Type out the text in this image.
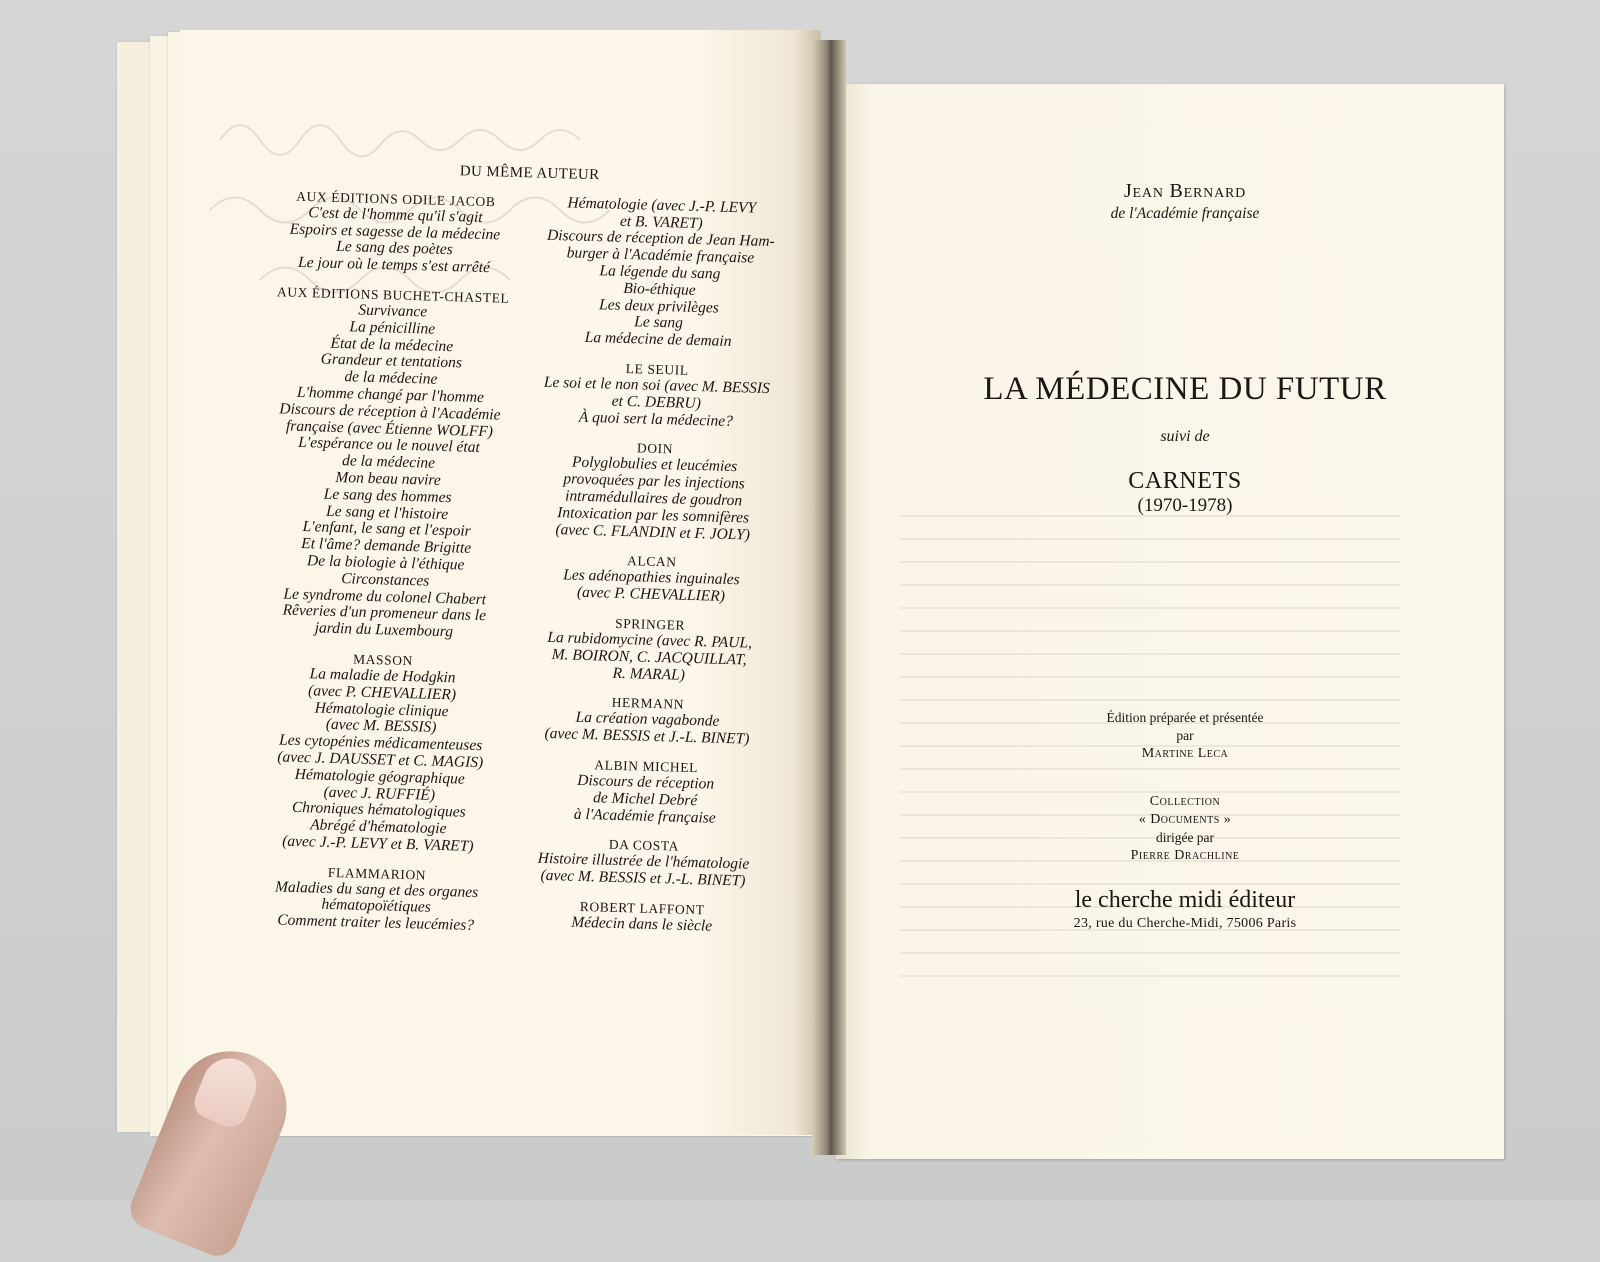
DU MÊME AUTEUR

AUX ÉDITIONS ODILE JACOB

C'est de l'homme qu'il s'agit

Espoirs et sagesse de la médecine

Le sang des poètes

Le jour où le temps s'est arrêté

AUX ÉDITIONS BUCHET-CHASTEL

Survivance

La pénicilline

État de la médecine

Grandeur et tentations

de la médecine

L'homme changé par l'homme

Discours de réception à l'Académie

française (avec Étienne WOLFF)

L'espérance ou le nouvel état

de la médecine

Mon beau navire

Le sang des hommes

Le sang et l'histoire

L'enfant, le sang et l'espoir

Et l'âme? demande Brigitte

De la biologie à l'éthique

Circonstances

Le syndrome du colonel Chabert

Rêveries d'un promeneur dans le

jardin du Luxembourg

MASSON

La maladie de Hodgkin

(avec P. CHEVALLIER)

Hématologie clinique

(avec M. BESSIS)

Les cytopénies médicamenteuses

(avec J. DAUSSET et C. MAGIS)

Hématologie géographique

(avec J. RUFFIÉ)

Chroniques hématologiques

Abrégé d'hématologie

(avec J.-P. LEVY et B. VARET)

FLAMMARION

Maladies du sang et des organes

hématopoïétiques

Comment traiter les leucémies?

Hématologie (avec J.-P. LEVY

et B. VARET)

Discours de réception de Jean Ham-

burger à l'Académie française

La légende du sang

Bio-éthique

Les deux privilèges

Le sang

La médecine de demain

LE SEUIL

Le soi et le non soi (avec M. BESSIS

et C. DEBRU)

À quoi sert la médecine?

DOIN

Polyglobulies et leucémies

provoquées par les injections

intramédullaires de goudron

Intoxication par les somnifères

(avec C. FLANDIN et F. JOLY)

ALCAN

Les adénopathies inguinales

(avec P. CHEVALLIER)

SPRINGER

La rubidomycine (avec R. PAUL,

M. BOIRON, C. JACQUILLAT,

R. MARAL)

HERMANN

La création vagabonde

(avec M. BESSIS et J.-L. BINET)

ALBIN MICHEL

Discours de réception

de Michel Debré

à l'Académie française

DA COSTA

Histoire illustrée de l'hématologie

(avec M. BESSIS et J.-L. BINET)

ROBERT LAFFONT

Médecin dans le siècle

Jean Bernard

de l'Académie française

LA MÉDECINE DU FUTUR

suivi de

CARNETS

(1970-1978)

Édition préparée et présentée

par

Martine Leca

Collection

« Documents »

dirigée par

Pierre Drachline

le cherche midi éditeur

23, rue du Cherche-Midi, 75006 Paris
